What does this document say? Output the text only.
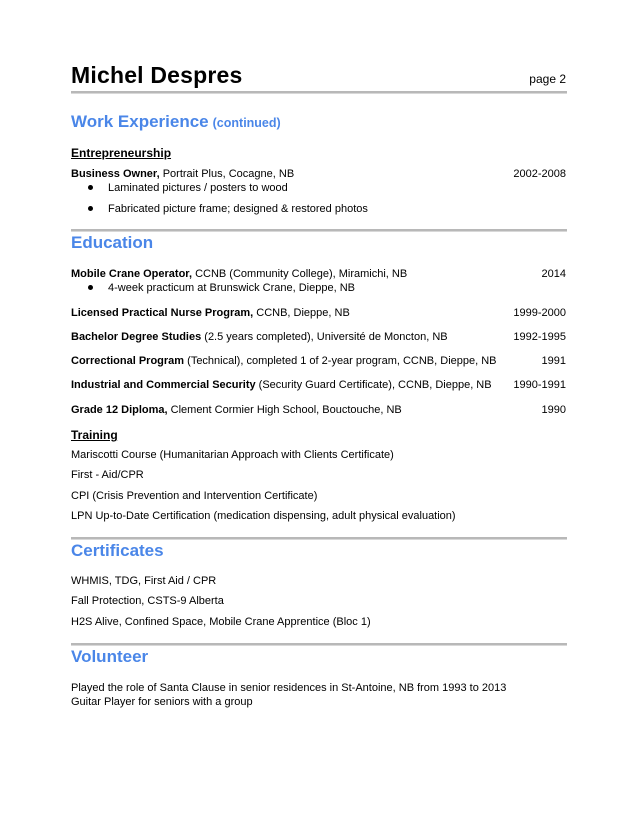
Michel Despres	page 2
Work Experience (continued)
Entrepreneurship
Business Owner, Portrait Plus, Cocagne, NB	2002-2008
Laminated pictures / posters to wood
Fabricated picture frame; designed & restored photos
Education
Mobile Crane Operator, CCNB (Community College), Miramichi, NB	2014
4-week practicum at Brunswick Crane, Dieppe, NB
Licensed Practical Nurse Program, CCNB, Dieppe, NB	1999-2000
Bachelor Degree Studies (2.5 years completed), Université de Moncton, NB	1992-1995
Correctional Program (Technical), completed 1 of 2-year program, CCNB, Dieppe, NB	1991
Industrial and Commercial Security (Security Guard Certificate), CCNB, Dieppe, NB 1990-1991
Grade 12 Diploma, Clement Cormier High School, Bouctouche, NB	1990
Training
Mariscotti Course (Humanitarian Approach with Clients Certificate)
First - Aid/CPR
CPI (Crisis Prevention and Intervention Certificate)
LPN Up-to-Date Certification (medication dispensing, adult physical evaluation)
Certificates
WHMIS, TDG, First Aid / CPR
Fall Protection, CSTS-9 Alberta
H2S Alive, Confined Space, Mobile Crane Apprentice (Bloc 1)
Volunteer
Played the role of Santa Clause in senior residences in St-Antoine, NB from 1993 to 2013
Guitar Player for seniors with a group
